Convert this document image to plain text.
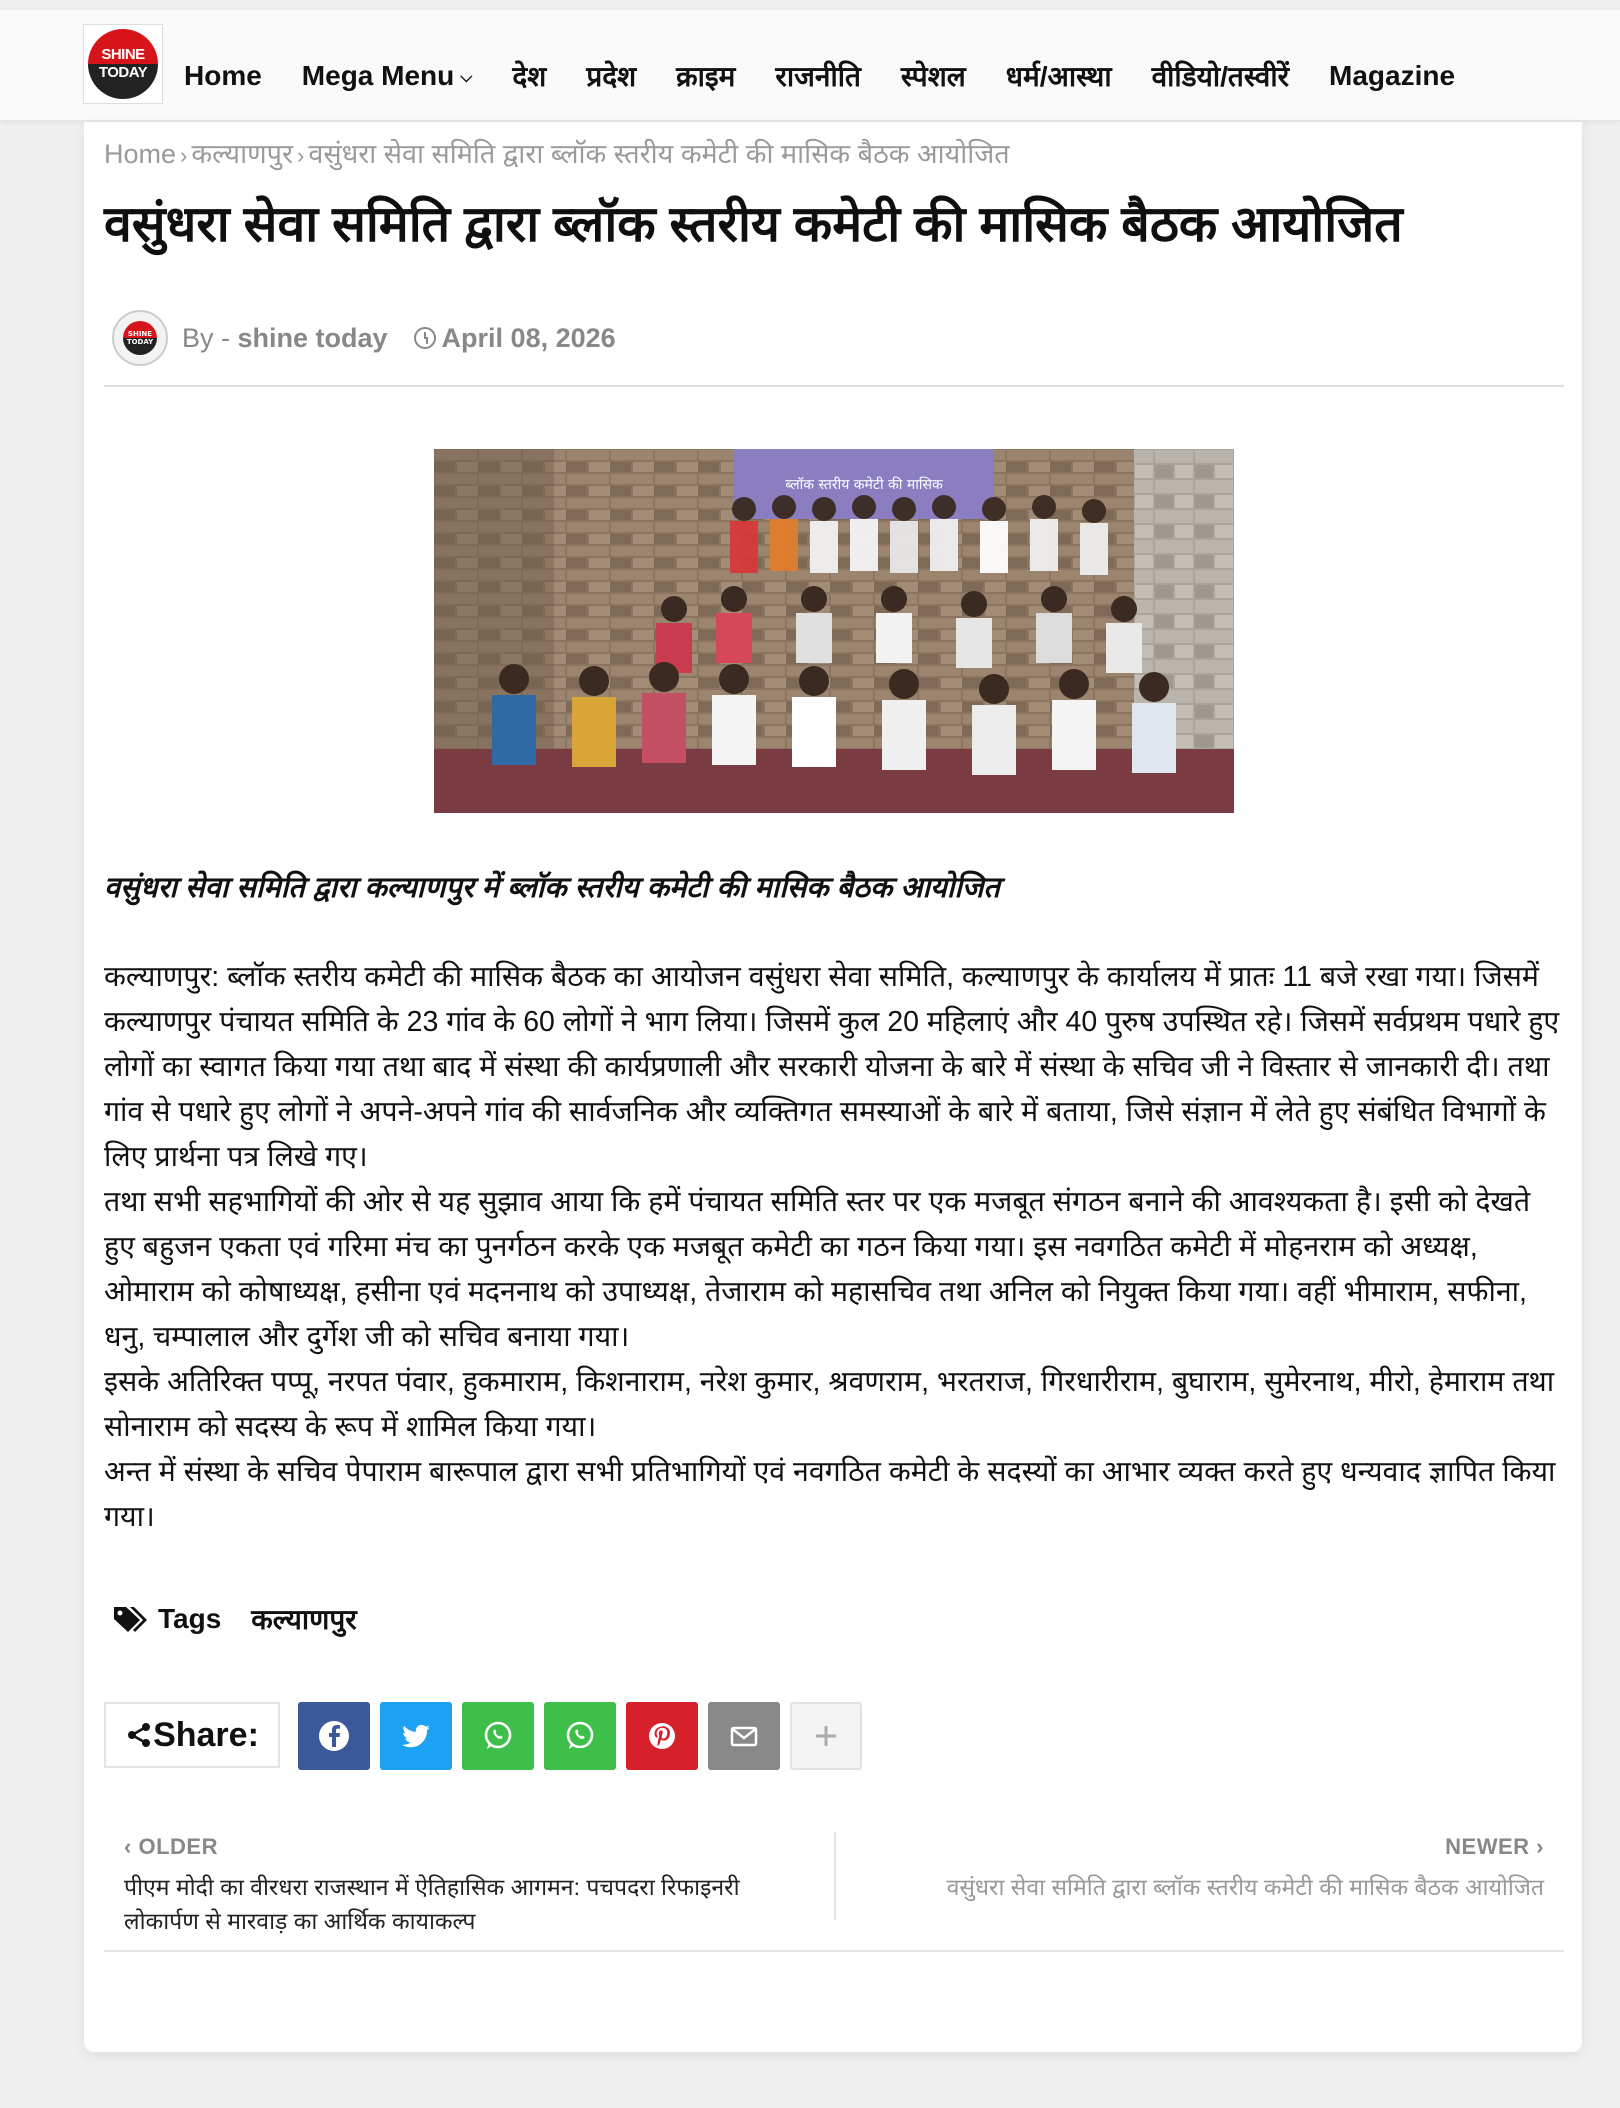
SHINE
TODAY Home Mega Menu ⌵ देश प्रदेश क्राइम राजनीति स्पेशल धर्म/आस्था वीडियो/तस्वीरें Magazine
Home › कल्याणपुर › वसुंधरा सेवा समिति द्वारा ब्लॉक स्तरीय कमेटी की मासिक बैठक आयोजित
वसुंधरा सेवा समिति द्वारा ब्लॉक स्तरीय कमेटी की मासिक बैठक आयोजित
SHINE
TODAY By - shine today April 08, 2026
ब्लॉक स्तरीय कमेटी की मासिक
वसुंधरा सेवा समिति द्वारा कल्याणपुर में ब्लॉक स्तरीय कमेटी की मासिक बैठक आयोजित

कल्याणपुर: ब्लॉक स्तरीय कमेटी की मासिक बैठक का आयोजन वसुंधरा सेवा समिति, कल्याणपुर के कार्यालय में प्रातः 11 बजे रखा गया। जिसमें कल्याणपुर पंचायत समिति के 23 गांव के 60 लोगों ने भाग लिया। जिसमें कुल 20 महिलाएं और 40 पुरुष उपस्थित रहे। जिसमें सर्वप्रथम पधारे हुए लोगों का स्वागत किया गया तथा बाद में संस्था की कार्यप्रणाली और सरकारी योजना के बारे में संस्था के सचिव जी ने विस्तार से जानकारी दी। तथा गांव से पधारे हुए लोगों ने अपने-अपने गांव की सार्वजनिक और व्यक्तिगत समस्याओं के बारे में बताया, जिसे संज्ञान में लेते हुए संबंधित विभागों के लिए प्रार्थना पत्र लिखे गए।

तथा सभी सहभागियों की ओर से यह सुझाव आया कि हमें पंचायत समिति स्तर पर एक मजबूत संगठन बनाने की आवश्यकता है। इसी को देखते हुए बहुजन एकता एवं गरिमा मंच का पुनर्गठन करके एक मजबूत कमेटी का गठन किया गया। इस नवगठित कमेटी में मोहनराम को अध्यक्ष, ओमाराम को कोषाध्यक्ष, हसीना एवं मदननाथ को उपाध्यक्ष, तेजाराम को महासचिव तथा अनिल को नियुक्त किया गया। वहीं भीमाराम, सफीना, धनु, चम्पालाल और दुर्गेश जी को सचिव बनाया गया।

इसके अतिरिक्त पप्पू, नरपत पंवार, हुकमाराम, किशनाराम, नरेश कुमार, श्रवणराम, भरतराज, गिरधारीराम, बुघाराम, सुमेरनाथ, मीरो, हेमाराम तथा सोनाराम को सदस्य के रूप में शामिल किया गया।

अन्त में संस्था के सचिव पेपाराम बारूपाल द्वारा सभी प्रतिभागियों एवं नवगठित कमेटी के सदस्यों का आभार व्यक्त करते हुए धन्यवाद ज्ञापित किया गया।

Tags कल्याणपुर
Share:
‹ OLDER
पीएम मोदी का वीरधरा राजस्थान में ऐतिहासिक आगमन: पचपदरा रिफाइनरी लोकार्पण से मारवाड़ का आर्थिक कायाकल्प
NEWER ›
वसुंधरा सेवा समिति द्वारा ब्लॉक स्तरीय कमेटी की मासिक बैठक आयोजित
